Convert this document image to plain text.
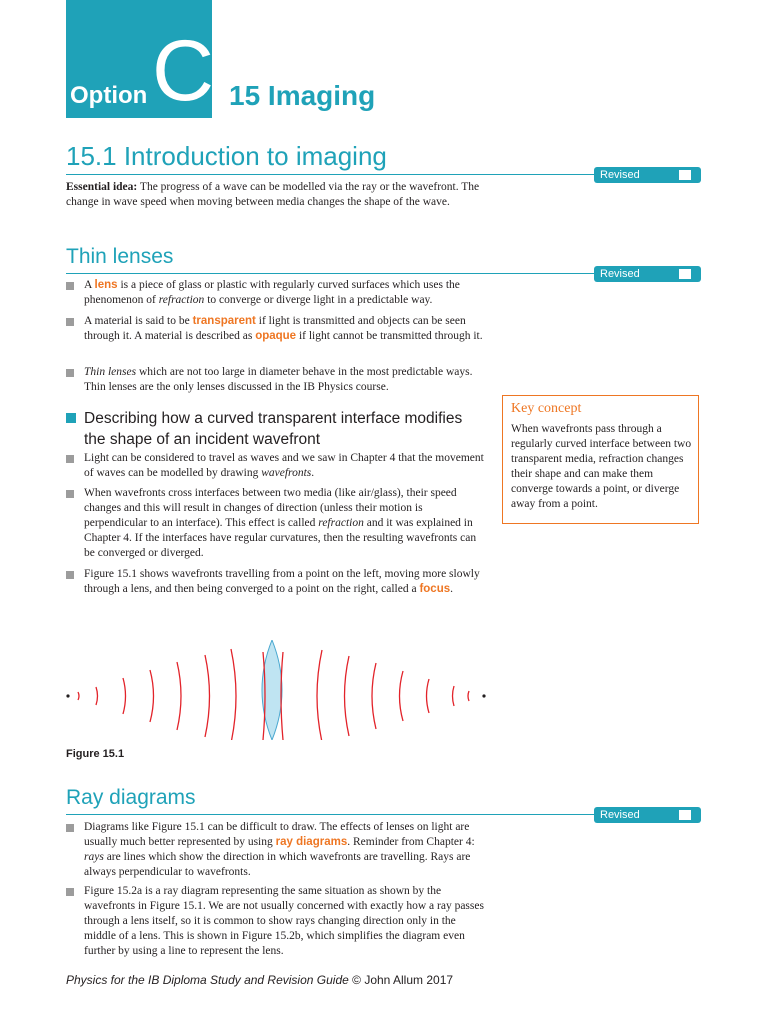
Option C 15 Imaging
15.1 Introduction to imaging
Revised
Essential idea: The progress of a wave can be modelled via the ray or the wavefront. The change in wave speed when moving between media changes the shape of the wave.
Thin lenses
Revised
A lens is a piece of glass or plastic with regularly curved surfaces which uses the phenomenon of refraction to converge or diverge light in a predictable way.
A material is said to be transparent if light is transmitted and objects can be seen through it. A material is described as opaque if light cannot be transmitted through it.
Thin lenses which are not too large in diameter behave in the most predictable ways. Thin lenses are the only lenses discussed in the IB Physics course.
Describing how a curved transparent interface modifies the shape of an incident wavefront
Light can be considered to travel as waves and we saw in Chapter 4 that the movement of waves can be modelled by drawing wavefronts.
When wavefronts cross interfaces between two media (like air/glass), their speed changes and this will result in changes of direction (unless their motion is perpendicular to an interface). This effect is called refraction and it was explained in Chapter 4. If the interfaces have regular curvatures, then the resulting wavefronts can be converged or diverged.
Figure 15.1 shows wavefronts travelling from a point on the left, moving more slowly through a lens, and then being converged to a point on the right, called a focus.
Key concept
When wavefronts pass through a regularly curved interface between two transparent media, refraction changes their shape and can make them converge towards a point, or diverge away from a point.
Figure 15.1
Ray diagrams
Revised
Diagrams like Figure 15.1 can be difficult to draw. The effects of lenses on light are usually much better represented by using ray diagrams. Reminder from Chapter 4: rays are lines which show the direction in which wavefronts are travelling. Rays are always perpendicular to wavefronts.
Figure 15.2a is a ray diagram representing the same situation as shown by the wavefronts in Figure 15.1. We are not usually concerned with exactly how a ray passes through a lens itself, so it is common to show rays changing direction only in the middle of a lens. This is shown in Figure 15.2b, which simplifies the diagram even further by using a line to represent the lens.
Physics for the IB Diploma Study and Revision Guide © John Allum 2017
